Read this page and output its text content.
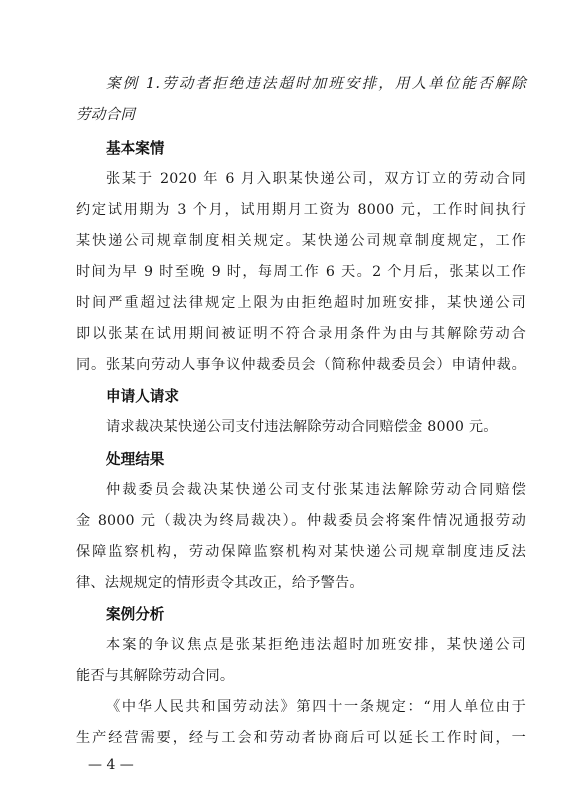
案例 1.劳动者拒绝违法超时加班安排，用人单位能否解除
劳动合同
基本案情
张某于 2020 年 6 月入职某快递公司，双方订立的劳动合同
约定试用期为 3 个月，试用期月工资为 8000 元，工作时间执行
某快递公司规章制度相关规定。某快递公司规章制度规定，工作
时间为早 9 时至晚 9 时，每周工作 6 天。2 个月后，张某以工作
时间严重超过法律规定上限为由拒绝超时加班安排，某快递公司
即以张某在试用期间被证明不符合录用条件为由与其解除劳动合
同。张某向劳动人事争议仲裁委员会（简称仲裁委员会）申请仲裁。
申请人请求
请求裁决某快递公司支付违法解除劳动合同赔偿金 8000 元。
处理结果
仲裁委员会裁决某快递公司支付张某违法解除劳动合同赔偿
金 8000 元（裁决为终局裁决）。仲裁委员会将案件情况通报劳动
保障监察机构，劳动保障监察机构对某快递公司规章制度违反法
律、法规规定的情形责令其改正，给予警告。
案例分析
本案的争议焦点是张某拒绝违法超时加班安排，某快递公司
能否与其解除劳动合同。
《中华人民共和国劳动法》第四十一条规定：“用人单位由于
生产经营需要，经与工会和劳动者协商后可以延长工作时间，一
— 4 —
